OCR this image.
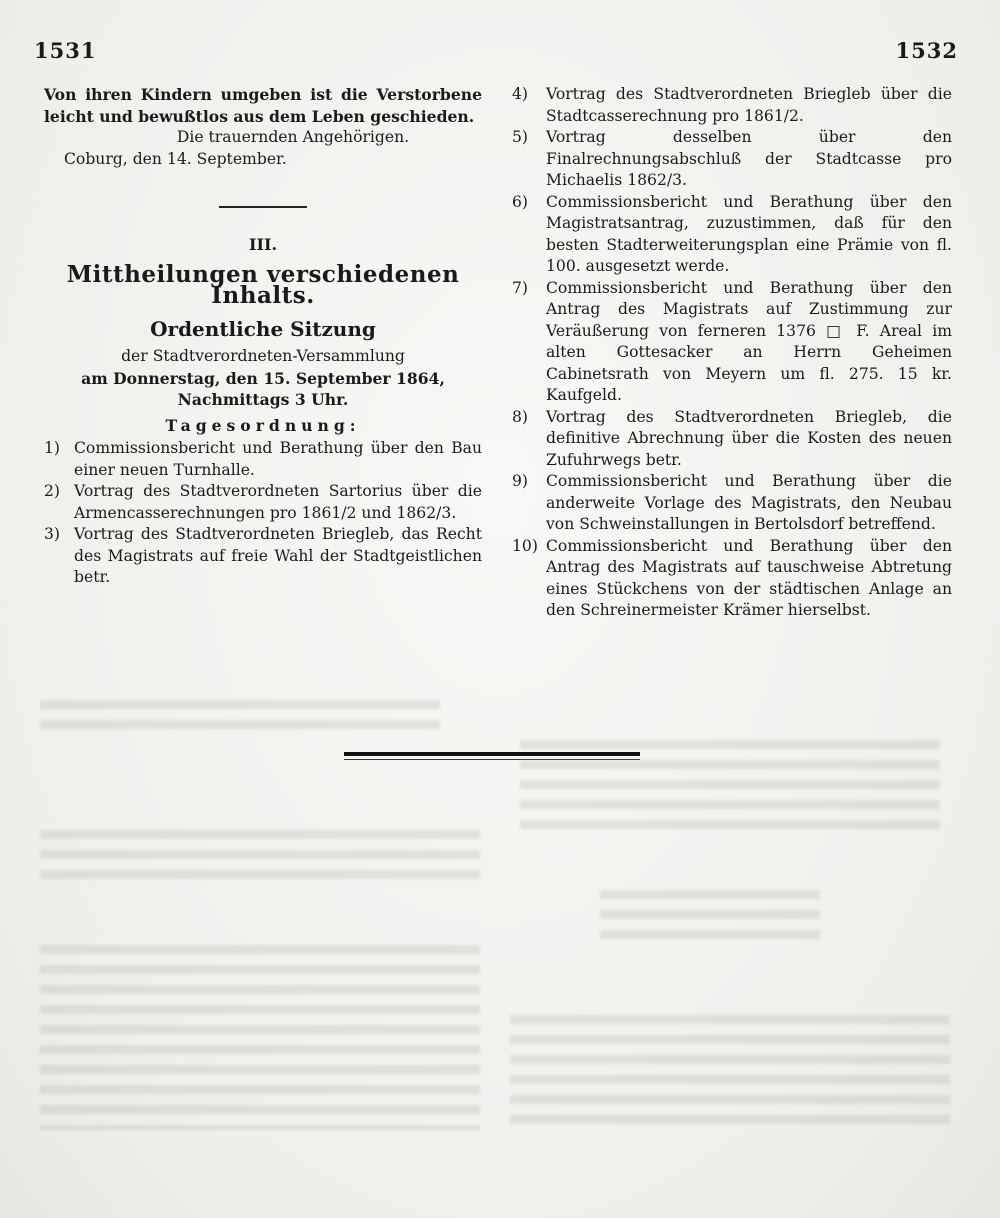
1531	1532

Von ihren Kindern umgeben ist die Verstorbene leicht und bewußtlos aus dem Leben geschieden.

Die trauernden Angehörigen.

Coburg, den 14. September.

III.
Mittheilungen verschiedenen Inhalts.
Ordentliche Sitzung

der Stadtverordneten-Versammlung

am Donnerstag, den 15. September 1864,

Nachmittags 3 Uhr.

Tagesordnung:
1) Commissionsbericht und Berathung über den Bau einer neuen Turnhalle.
2) Vortrag des Stadtverordneten Sartorius über die Armencasserechnungen pro 1861/2 und 1862/3.
3) Vortrag des Stadtverordneten Briegleb, das Recht des Magistrats auf freie Wahl der Stadtgeistlichen betr.
4)	Vortrag des Stadtverordneten Briegleb über die Stadtcasserechnung pro 1861/2.
5)	Vortrag desselben über den Finalrechnungsabschluß der Stadtcasse pro Michaelis 1862/3.
6)	Commissionsbericht und Berathung über den Magistratsantrag, zuzustimmen, daß für den besten Stadterweiterungsplan eine Prämie von fl. 100. ausgesetzt werde.
7)	Commissionsbericht und Berathung über den Antrag des Magistrats auf Zustimmung zur Veräußerung von ferneren 1376 □ F. Areal im alten Gottesacker an Herrn Geheimen Cabinetsrath von Meyern um fl. 275. 15 kr. Kaufgeld.
8)	Vortrag des Stadtverordneten Briegleb, die definitive Abrechnung über die Kosten des neuen Zufuhrwegs betr.
9)	Commissionsbericht und Berathung über die anderweite Vorlage des Magistrats, den Neubau von Schweinstallungen in Bertolsdorf betreffend.
10) Commissionsbericht und Berathung über den Antrag des Magistrats auf tauschweise Abtretung eines Stückchens von der städtischen Anlage an den Schreinermeister Krämer hierselbst.
